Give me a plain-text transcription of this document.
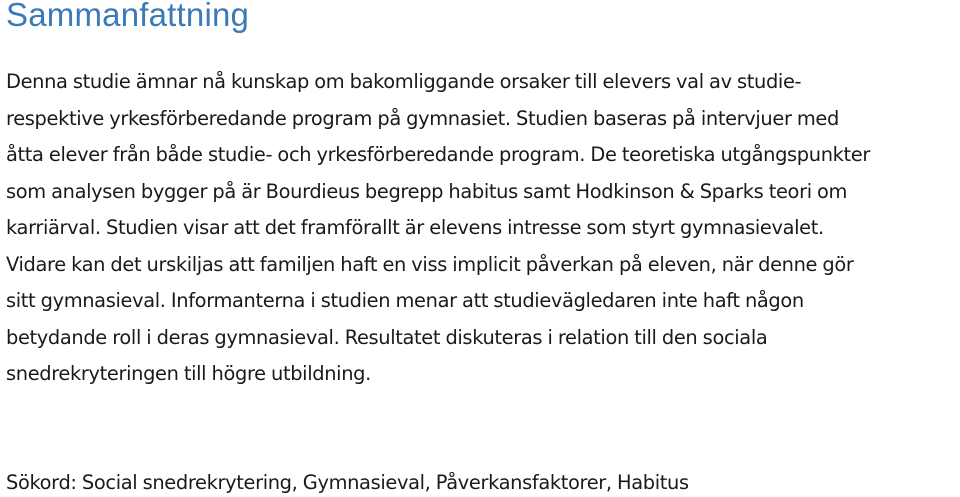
Sammanfattning

Denna studie ämnar nå kunskap om bakomliggande orsaker till elevers val av studie-

respektive yrkesförberedande program på gymnasiet. Studien baseras på intervjuer med

åtta elever från både studie- och yrkesförberedande program. De teoretiska utgångspunkter

som analysen bygger på är Bourdieus begrepp habitus samt Hodkinson & Sparks teori om

karriärval. Studien visar att det framförallt är elevens intresse som styrt gymnasievalet.

Vidare kan det urskiljas att familjen haft en viss implicit påverkan på eleven, när denne gör

sitt gymnasieval. Informanterna i studien menar att studievägledaren inte haft någon

betydande roll i deras gymnasieval. Resultatet diskuteras i relation till den sociala

snedrekryteringen till högre utbildning.

Sökord: Social snedrekrytering, Gymnasieval, Påverkansfaktorer, Habitus
